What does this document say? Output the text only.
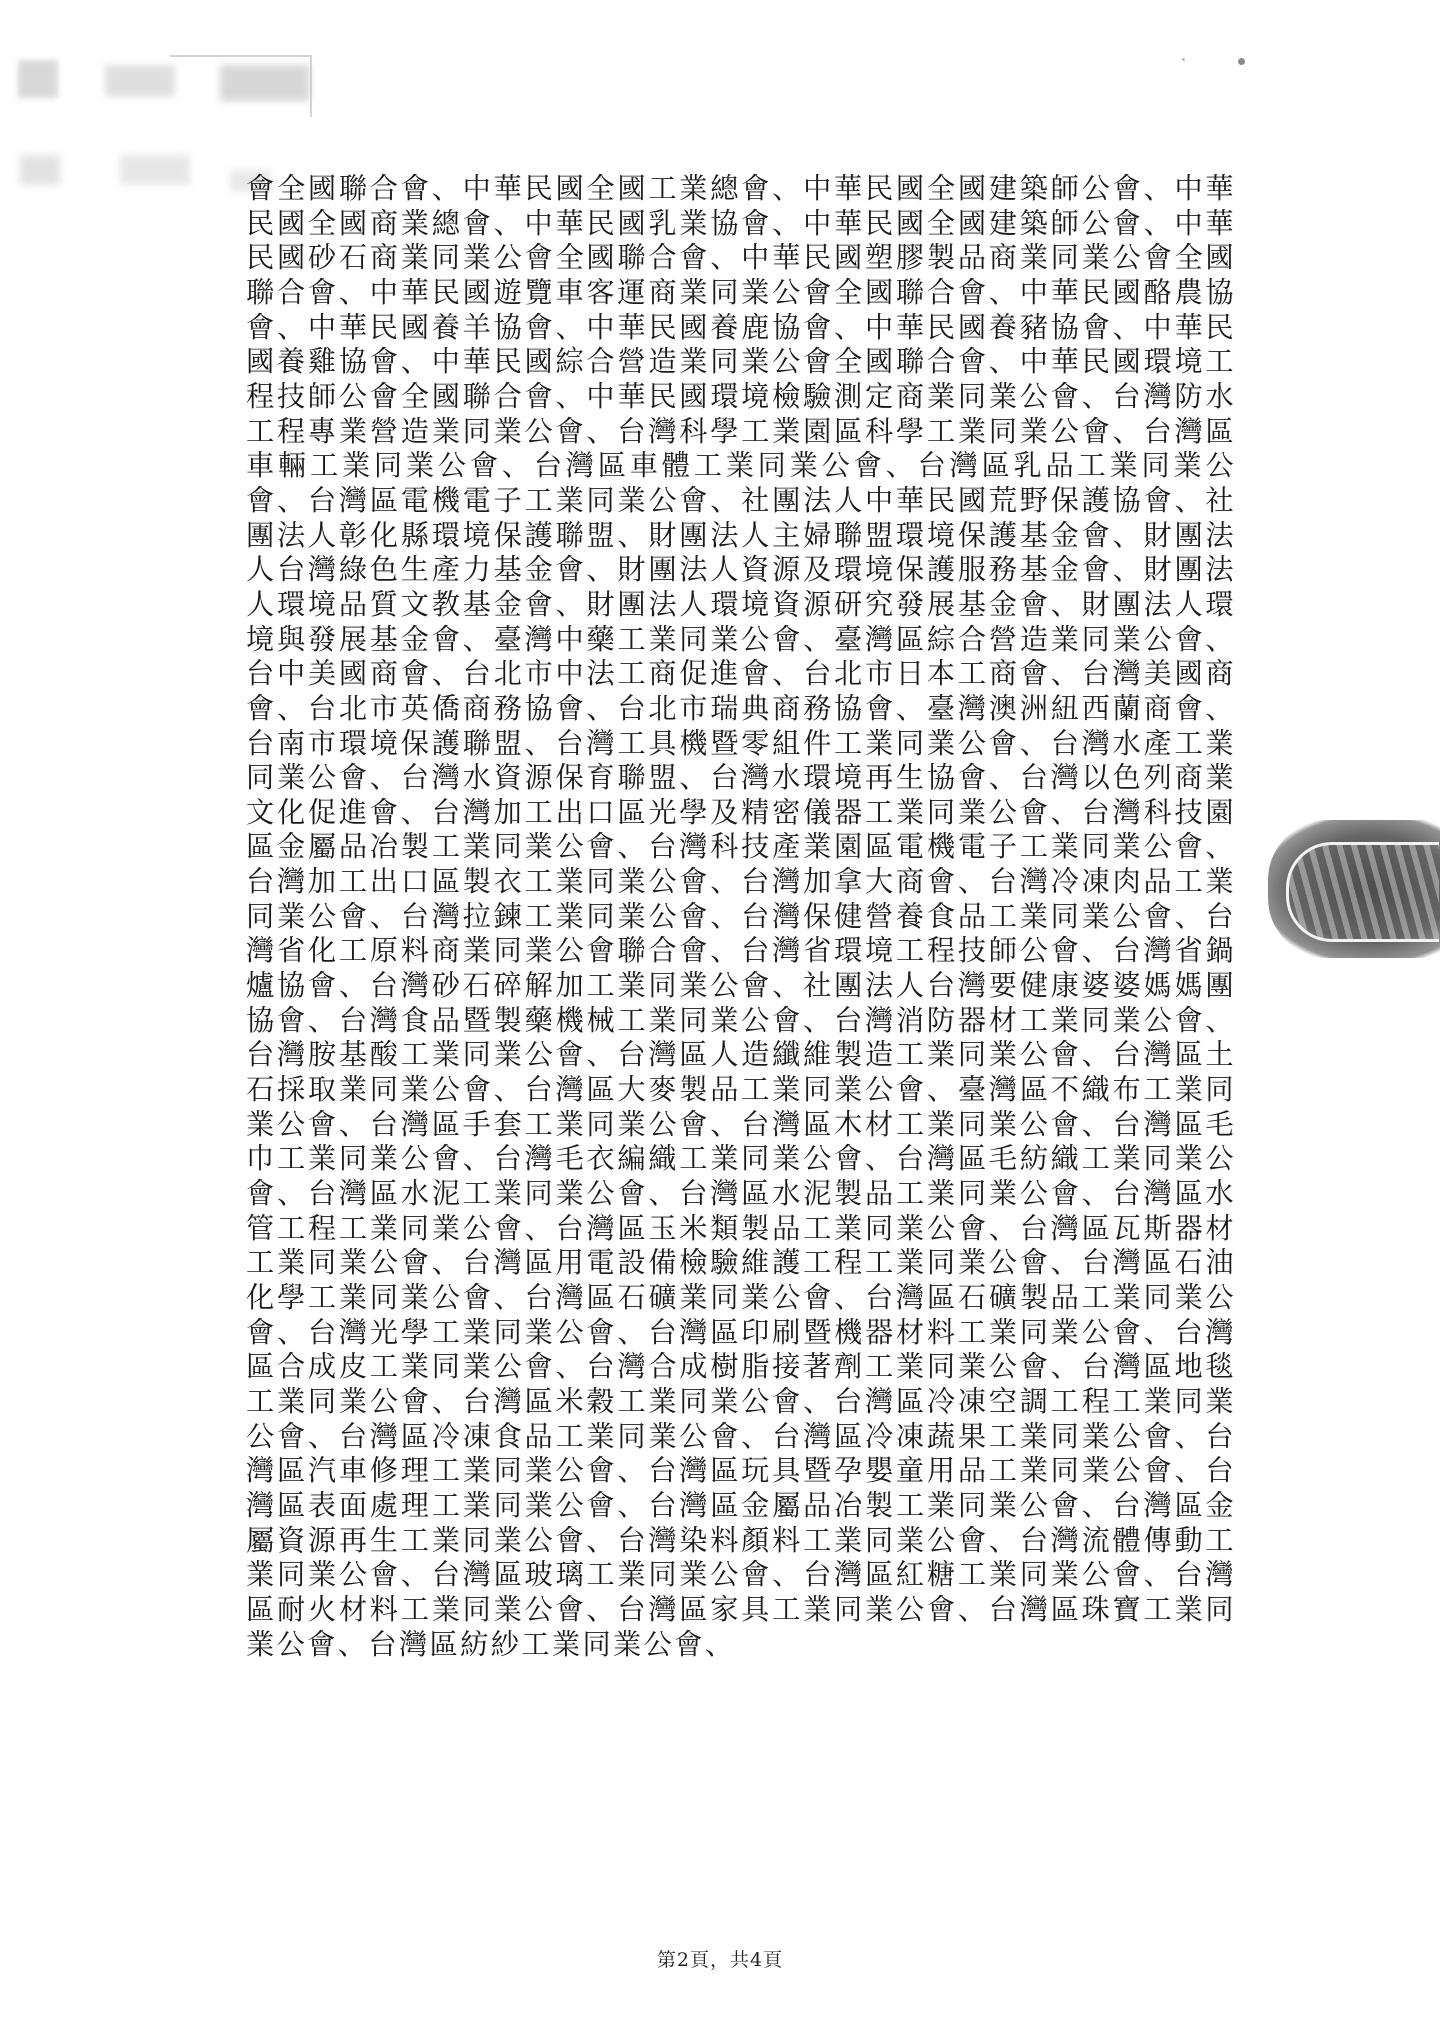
會全國聯合會、中華民國全國工業總會、中華民國全國建築師公會、中華民國全國商業總會、中華民國乳業協會、中華民國全國建築師公會、中華民國砂石商業同業公會全國聯合會、中華民國塑膠製品商業同業公會全國聯合會、中華民國遊覽車客運商業同業公會全國聯合會、中華民國酪農協會、中華民國養羊協會、中華民國養鹿協會、中華民國養豬協會、中華民國養雞協會、中華民國綜合營造業同業公會全國聯合會、中華民國環境工程技師公會全國聯合會、中華民國環境檢驗測定商業同業公會、台灣防水工程專業營造業同業公會、台灣科學工業園區科學工業同業公會、台灣區車輛工業同業公會、台灣區車體工業同業公會、台灣區乳品工業同業公會、台灣區電機電子工業同業公會、社團法人中華民國荒野保護協會、社團法人彰化縣環境保護聯盟、財團法人主婦聯盟環境保護基金會、財團法人台灣綠色生產力基金會、財團法人資源及環境保護服務基金會、財團法人環境品質文教基金會、財團法人環境資源研究發展基金會、財團法人環境與發展基金會、臺灣中藥工業同業公會、臺灣區綜合營造業同業公會、台中美國商會、台北市中法工商促進會、台北市日本工商會、台灣美國商會、台北市英僑商務協會、台北市瑞典商務協會、臺灣澳洲紐西蘭商會、台南市環境保護聯盟、台灣工具機暨零組件工業同業公會、台灣水產工業同業公會、台灣水資源保育聯盟、台灣水環境再生協會、台灣以色列商業文化促進會、台灣加工出口區光學及精密儀器工業同業公會、台灣科技園區金屬品冶製工業同業公會、台灣科技產業園區電機電子工業同業公會、台灣加工出口區製衣工業同業公會、台灣加拿大商會、台灣冷凍肉品工業同業公會、台灣拉鍊工業同業公會、台灣保健營養食品工業同業公會、台灣省化工原料商業同業公會聯合會、台灣省環境工程技師公會、台灣省鍋爐協會、台灣砂石碎解加工業同業公會、社團法人台灣要健康婆婆媽媽團協會、台灣食品暨製藥機械工業同業公會、台灣消防器材工業同業公會、台灣胺基酸工業同業公會、台灣區人造纖維製造工業同業公會、台灣區土石採取業同業公會、台灣區大麥製品工業同業公會、臺灣區不織布工業同業公會、台灣區手套工業同業公會、台灣區木材工業同業公會、台灣區毛巾工業同業公會、台灣毛衣編織工業同業公會、台灣區毛紡織工業同業公會、台灣區水泥工業同業公會、台灣區水泥製品工業同業公會、台灣區水管工程工業同業公會、台灣區玉米類製品工業同業公會、台灣區瓦斯器材工業同業公會、台灣區用電設備檢驗維護工程工業同業公會、台灣區石油化學工業同業公會、台灣區石礦業同業公會、台灣區石礦製品工業同業公會、台灣光學工業同業公會、台灣區印刷暨機器材料工業同業公會、台灣區合成皮工業同業公會、台灣合成樹脂接著劑工業同業公會、台灣區地毯工業同業公會、台灣區米穀工業同業公會、台灣區冷凍空調工程工業同業公會、台灣區冷凍食品工業同業公會、台灣區冷凍蔬果工業同業公會、台灣區汽車修理工業同業公會、台灣區玩具暨孕嬰童用品工業同業公會、台灣區表面處理工業同業公會、台灣區金屬品冶製工業同業公會、台灣區金屬資源再生工業同業公會、台灣染料顏料工業同業公會、台灣流體傳動工業同業公會、台灣區玻璃工業同業公會、台灣區紅糖工業同業公會、台灣區耐火材料工業同業公會、台灣區家具工業同業公會、台灣區珠寶工業同業公會、台灣區紡紗工業同業公會、

第2頁，共4頁
